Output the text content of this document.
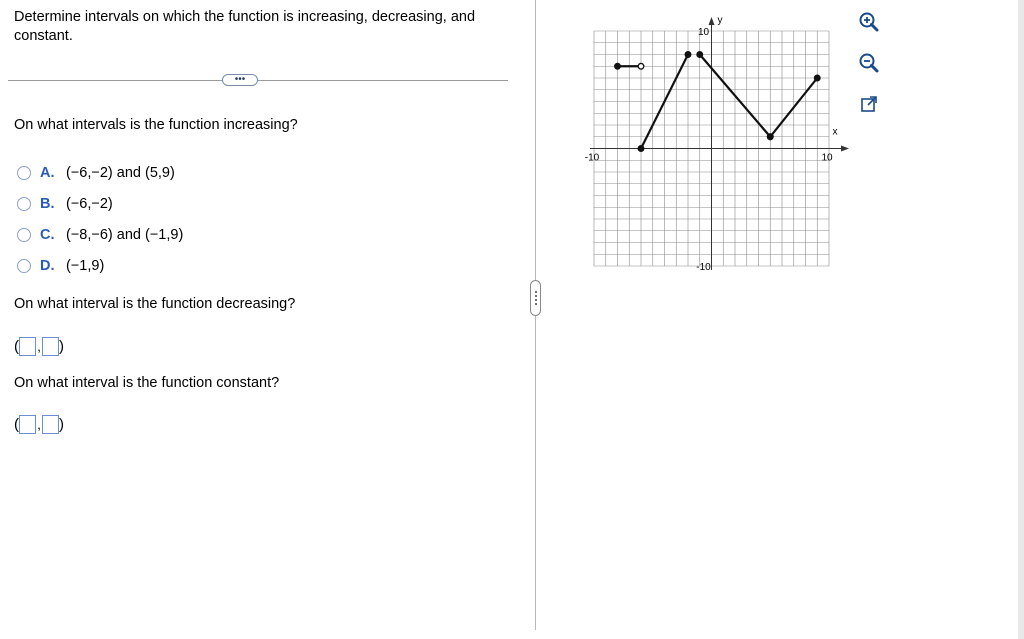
Determine intervals on which the function is increasing, decreasing, and constant.
•••
On what intervals is the function increasing?
A. (−6,−2) and (5,9)
B. (−6,−2)
C. (−8,−6) and (−1,9)
D. (−1,9)
On what interval is the function decreasing?
( , )
On what interval is the function constant?
( , )
x
y
-10	10
10
-10
